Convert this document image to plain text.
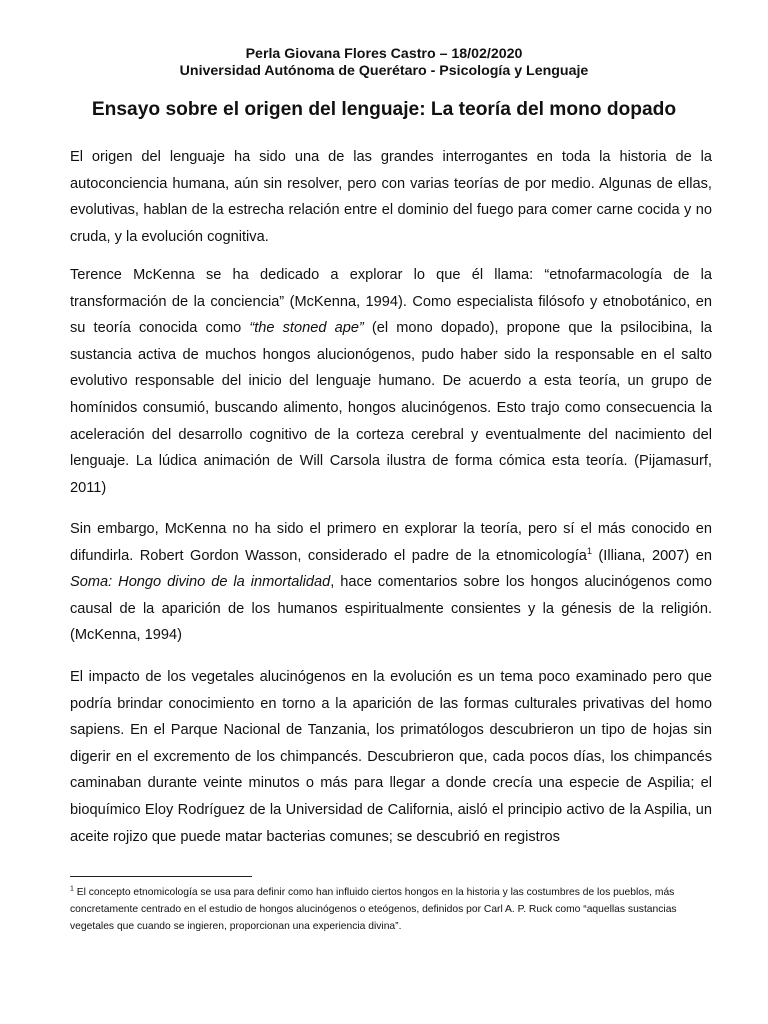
Perla Giovana Flores Castro – 18/02/2020
Universidad Autónoma de Querétaro - Psicología y Lenguaje
Ensayo sobre el origen del lenguaje: La teoría del mono dopado
El origen del lenguaje ha sido una de las grandes interrogantes en toda la historia de la autoconciencia humana, aún sin resolver, pero con varias teorías de por medio. Algunas de ellas, evolutivas, hablan de la estrecha relación entre el dominio del fuego para comer carne cocida y no cruda, y la evolución cognitiva.
Terence McKenna se ha dedicado a explorar lo que él llama: “etnofarmacología de la transformación de la conciencia” (McKenna, 1994). Como especialista filósofo y etnobotánico, en su teoría conocida como “the stoned ape” (el mono dopado), propone que la psilocibina, la sustancia activa de muchos hongos alucionógenos, pudo haber sido la responsable en el salto evolutivo responsable del inicio del lenguaje humano. De acuerdo a esta teoría, un grupo de homínidos consumió, buscando alimento, hongos alucinógenos. Esto trajo como consecuencia la aceleración del desarrollo cognitivo de la corteza cerebral y eventualmente del nacimiento del lenguaje. La lúdica animación de Will Carsola ilustra de forma cómica esta teoría. (Pijamasurf, 2011)
Sin embargo, McKenna no ha sido el primero en explorar la teoría, pero sí el más conocido en difundirla. Robert Gordon Wasson, considerado el padre de la etnomicología$^1$ (Illiana, 2007) en Soma: Hongo divino de la inmortalidad, hace comentarios sobre los hongos alucinógenos como causal de la aparición de los humanos espiritualmente consientes y la génesis de la religión. (McKenna, 1994)
El impacto de los vegetales alucinógenos en la evolución es un tema poco examinado pero que podría brindar conocimiento en torno a la aparición de las formas culturales privativas del homo sapiens. En el Parque Nacional de Tanzania, los primatólogos descubrieron un tipo de hojas sin digerir en el excremento de los chimpancés. Descubrieron que, cada pocos días, los chimpancés caminaban durante veinte minutos o más para llegar a donde crecía una especie de Aspilia; el bioquímico Eloy Rodríguez de la Universidad de California, aisló el principio activo de la Aspilia, un aceite rojizo que puede matar bacterias comunes; se descubrió en registros
$^1$ El concepto etnomicología se usa para definir como han influido ciertos hongos en la historia y las costumbres de los pueblos, más concretamente centrado en el estudio de hongos alucinógenos o eteógenos, definidos por Carl A. P. Ruck como “aquellas sustancias vegetales que cuando se ingieren, proporcionan una experiencia divina”.
